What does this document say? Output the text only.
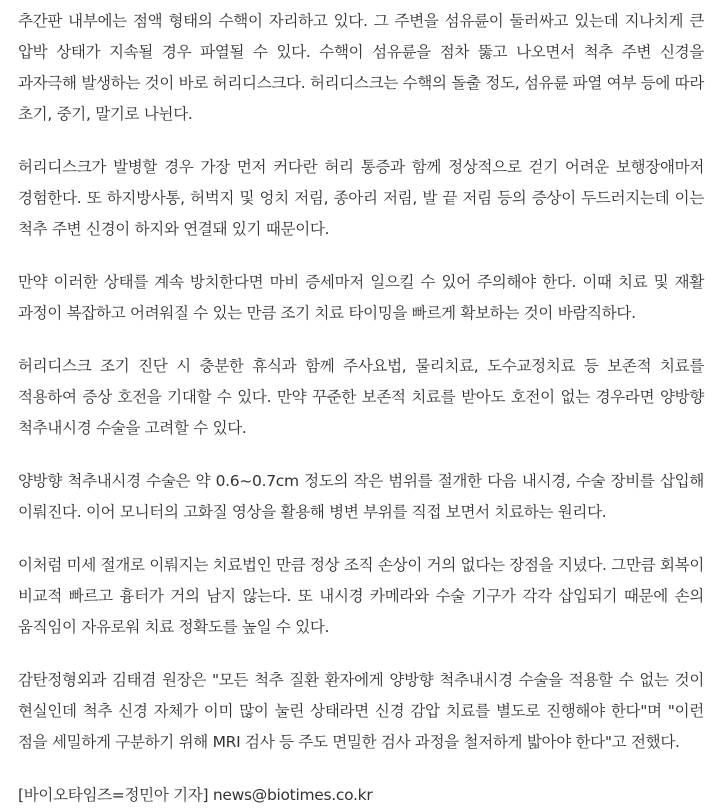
추간판 내부에는 점액 형태의 수핵이 자리하고 있다. 그 주변을 섬유륜이 둘러싸고 있는데 지나치게 큰 압박 상태가 지속될 경우 파열될 수 있다. 수핵이 섬유륜을 점차 뚫고 나오면서 척추 주변 신경을 과자극해 발생하는 것이 바로 허리디스크다. 허리디스크는 수핵의 돌출 정도, 섬유륜 파열 여부 등에 따라 초기, 중기, 말기로 나뉜다.

허리디스크가 발병할 경우 가장 먼저 커다란 허리 통증과 함께 정상적으로 걷기 어려운 보행장애마저 경험한다. 또 하지방사통, 허벅지 및 엉치 저림, 종아리 저림, 발 끝 저림 등의 증상이 두드러지는데 이는 척추 주변 신경이 하지와 연결돼 있기 때문이다.

만약 이러한 상태를 계속 방치한다면 마비 증세마저 일으킬 수 있어 주의해야 한다. 이때 치료 및 재활 과정이 복잡하고 어려워질 수 있는 만큼 조기 치료 타이밍을 빠르게 확보하는 것이 바람직하다.

허리디스크 조기 진단 시 충분한 휴식과 함께 주사요법, 물리치료, 도수교정치료 등 보존적 치료를 적용하여 증상 호전을 기대할 수 있다. 만약 꾸준한 보존적 치료를 받아도 호전이 없는 경우라면 양방향 척추내시경 수술을 고려할 수 있다.

양방향 척추내시경 수술은 약 0.6~0.7cm 정도의 작은 범위를 절개한 다음 내시경, 수술 장비를 삽입해 이뤄진다. 이어 모니터의 고화질 영상을 활용해 병변 부위를 직접 보면서 치료하는 원리다.

이처럼 미세 절개로 이뤄지는 치료법인 만큼 정상 조직 손상이 거의 없다는 장점을 지녔다. 그만큼 회복이 비교적 빠르고 흉터가 거의 남지 않는다. 또 내시경 카메라와 수술 기구가 각각 삽입되기 때문에 손의 움직임이 자유로워 치료 정확도를 높일 수 있다.

감탄정형외과 김태겸 원장은 "모든 척추 질환 환자에게 양방향 척추내시경 수술을 적용할 수 없는 것이 현실인데 척추 신경 자체가 이미 많이 눌린 상태라면 신경 감압 치료를 별도로 진행해야 한다"며 "이런 점을 세밀하게 구분하기 위해 MRI 검사 등 주도 면밀한 검사 과정을 철저하게 밟아야 한다"고 전했다.

[바이오타임즈=정민아 기자] news@biotimes.co.kr
